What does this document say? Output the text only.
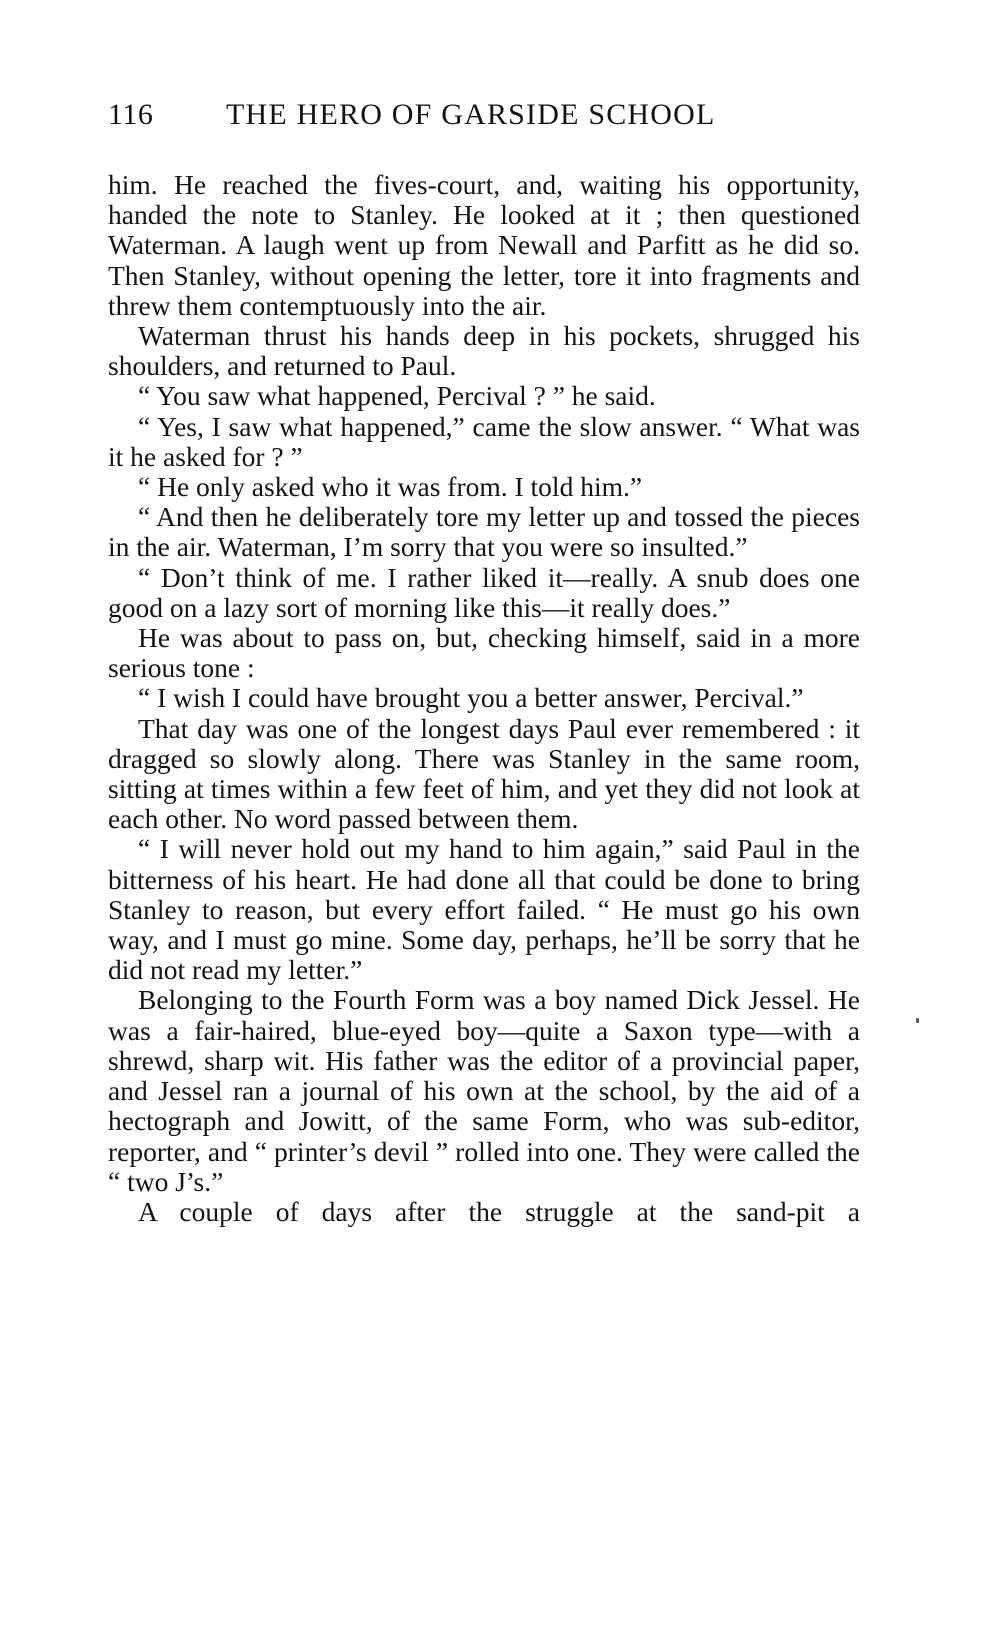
116	THE HERO OF GARSIDE SCHOOL

him. He reached the fives-court, and, waiting his opportunity, handed the note to Stanley. He looked at it ; then questioned Waterman. A laugh went up from Newall and Parfitt as he did so. Then Stanley, without opening the letter, tore it into fragments and threw them contemptuously into the air.

Waterman thrust his hands deep in his pockets, shrugged his shoulders, and returned to Paul.

“ You saw what happened, Percival ? ” he said.

“ Yes, I saw what happened,” came the slow answer. “ What was it he asked for ? ”

“ He only asked who it was from. I told him.”

“ And then he deliberately tore my letter up and tossed the pieces in the air. Waterman, I’m sorry that you were so insulted.”

“ Don’t think of me. I rather liked it—really. A snub does one good on a lazy sort of morning like this—it really does.”

He was about to pass on, but, checking himself, said in a more serious tone :

“ I wish I could have brought you a better answer, Percival.”

That day was one of the longest days Paul ever remembered : it dragged so slowly along. There was Stanley in the same room, sitting at times within a few feet of him, and yet they did not look at each other. No word passed between them.

“ I will never hold out my hand to him again,” said Paul in the bitterness of his heart. He had done all that could be done to bring Stanley to reason, but every effort failed. “ He must go his own way, and I must go mine. Some day, perhaps, he’ll be sorry that he did not read my letter.”

Belonging to the Fourth Form was a boy named Dick Jessel. He was a fair-haired, blue-eyed boy—quite a Saxon type—with a shrewd, sharp wit. His father was the editor of a provincial paper, and Jessel ran a journal of his own at the school, by the aid of a hectograph and Jowitt, of the same Form, who was sub-editor, reporter, and “ printer’s devil ” rolled into one. They were called the “ two J’s.”

A couple of days after the struggle at the sand-pit a
